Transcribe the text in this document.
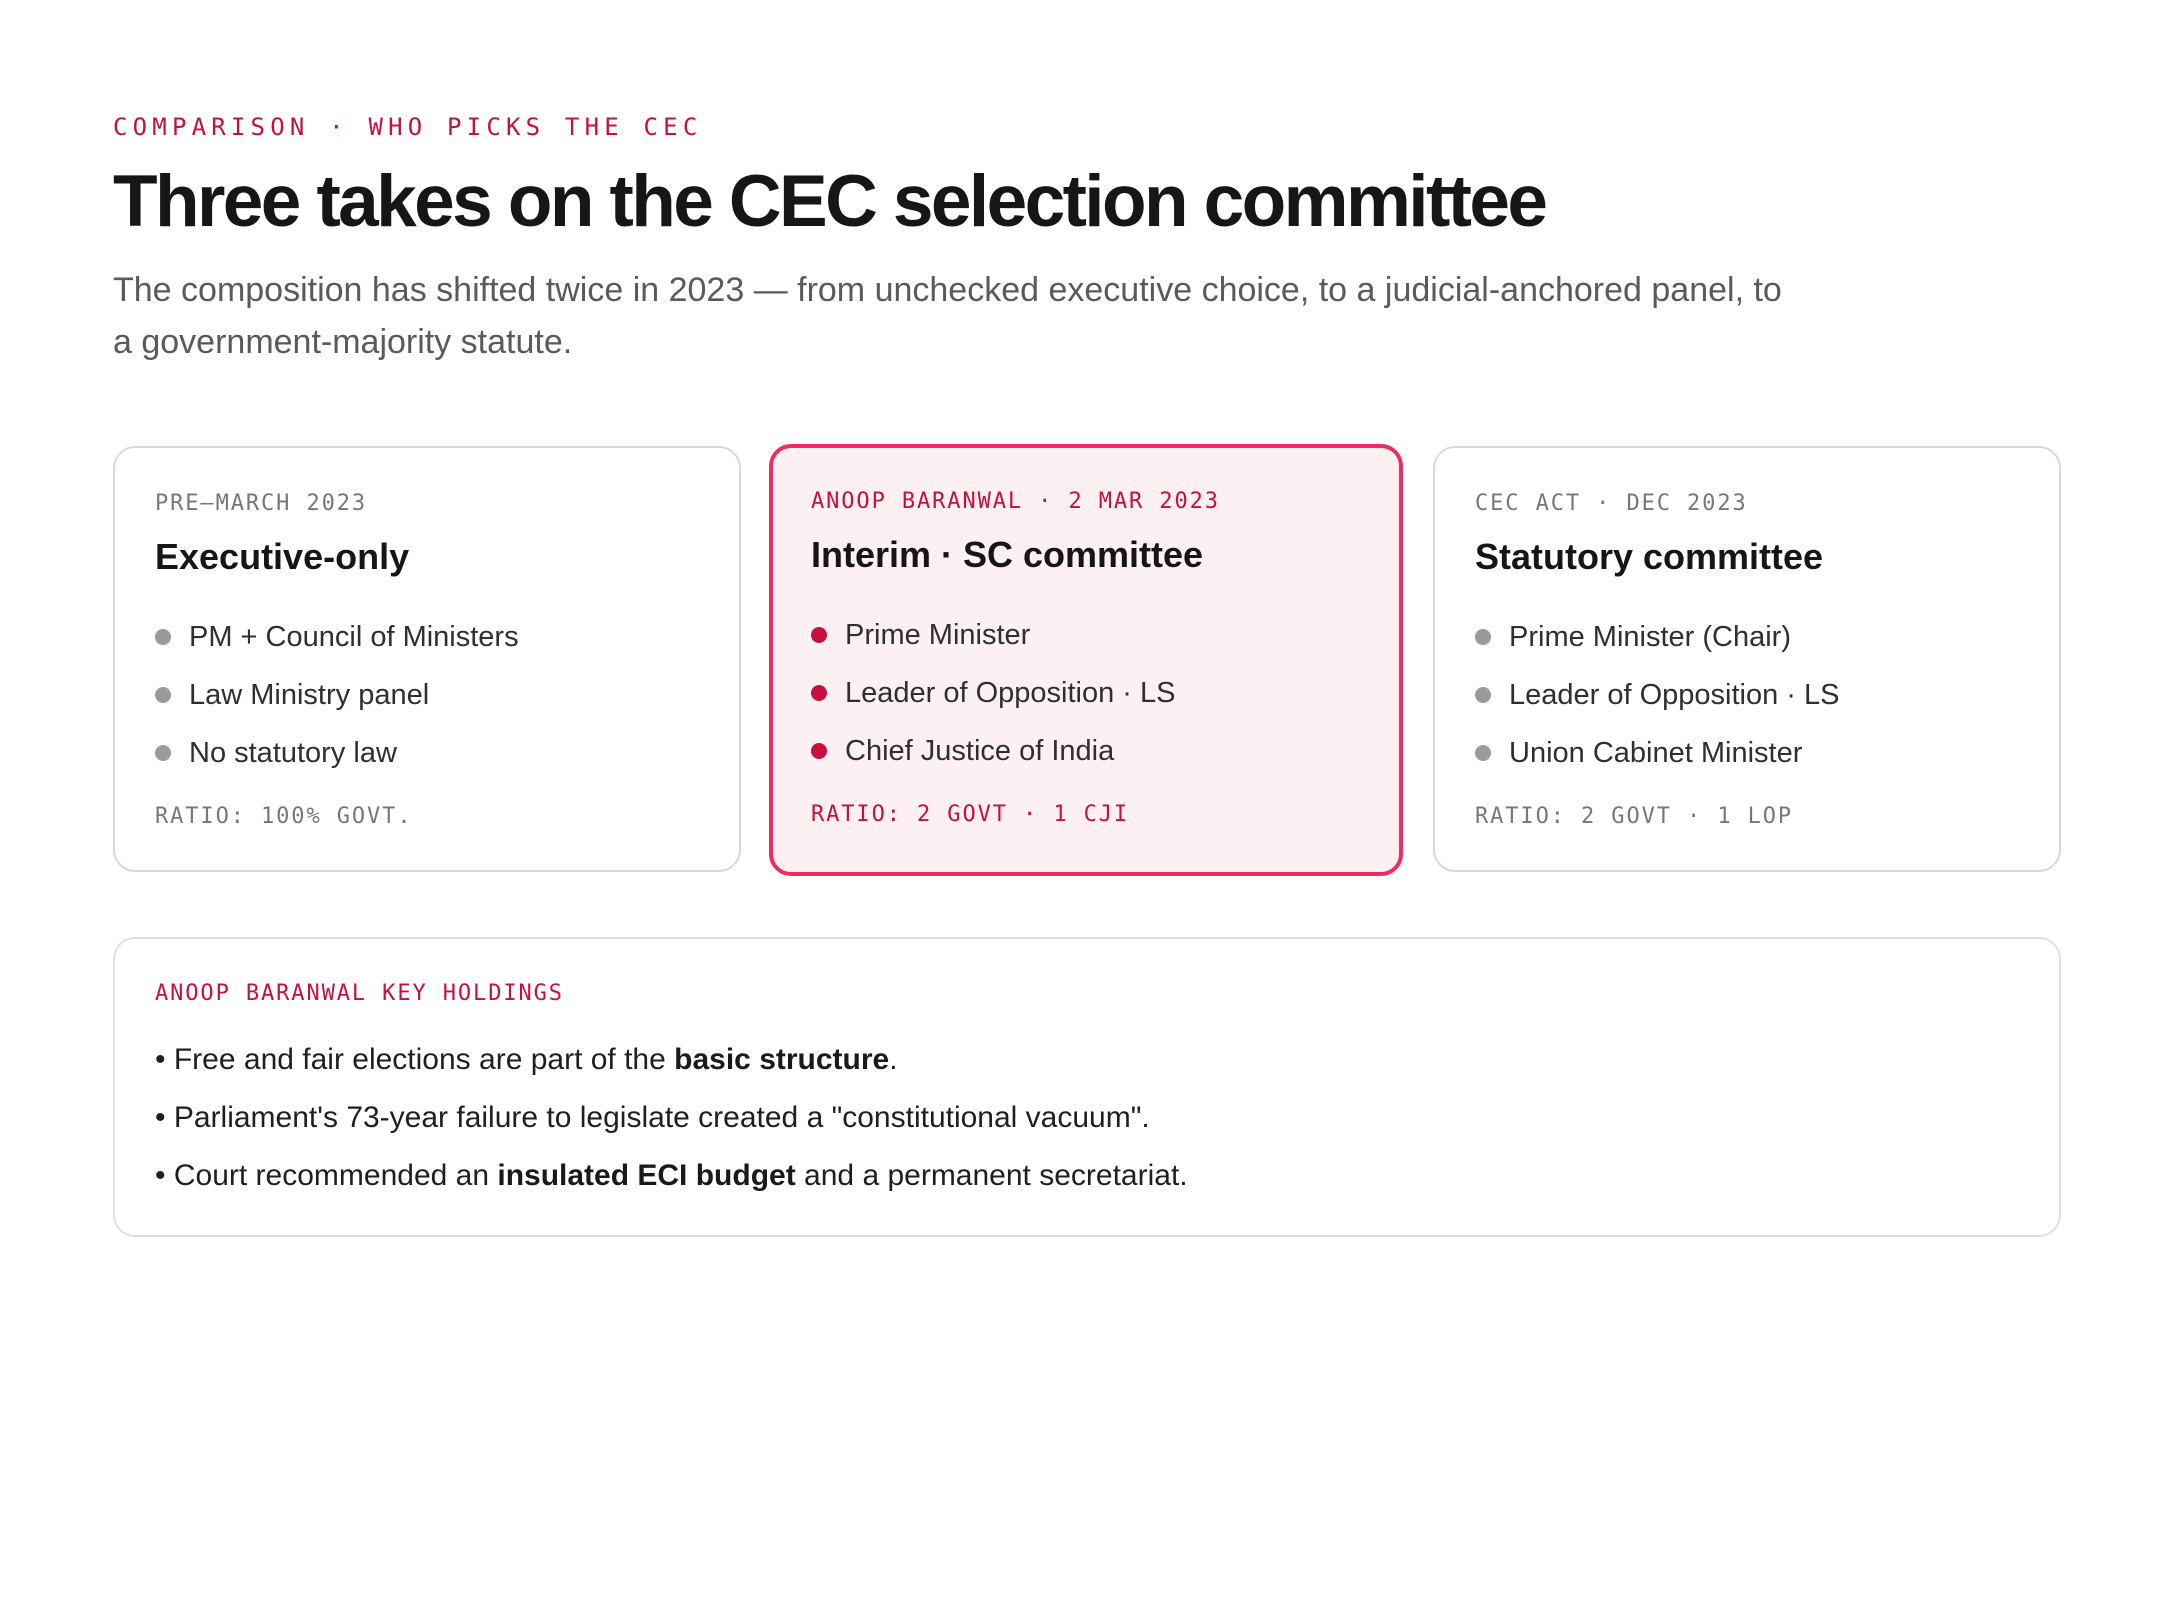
COMPARISON · WHO PICKS THE CEC
Three takes on the CEC selection committee

The composition has shifted twice in 2023 — from unchecked executive choice, to a judicial-anchored panel, to a government-majority statute.

PRE–MARCH 2023
Executive-only
PM + Council of Ministers
Law Ministry panel
No statutory law
RATIO: 100% GOVT.
ANOOP BARANWAL · 2 MAR 2023
Interim · SC committee
Prime Minister
Leader of Opposition · LS
Chief Justice of India
RATIO: 2 GOVT · 1 CJI
CEC ACT · DEC 2023
Statutory committee
Prime Minister (Chair)
Leader of Opposition · LS
Union Cabinet Minister
RATIO: 2 GOVT · 1 LOP
ANOOP BARANWAL KEY HOLDINGS
• Free and fair elections are part of the basic structure.
• Parliament's 73-year failure to legislate created a "constitutional vacuum".
• Court recommended an insulated ECI budget and a permanent secretariat.
